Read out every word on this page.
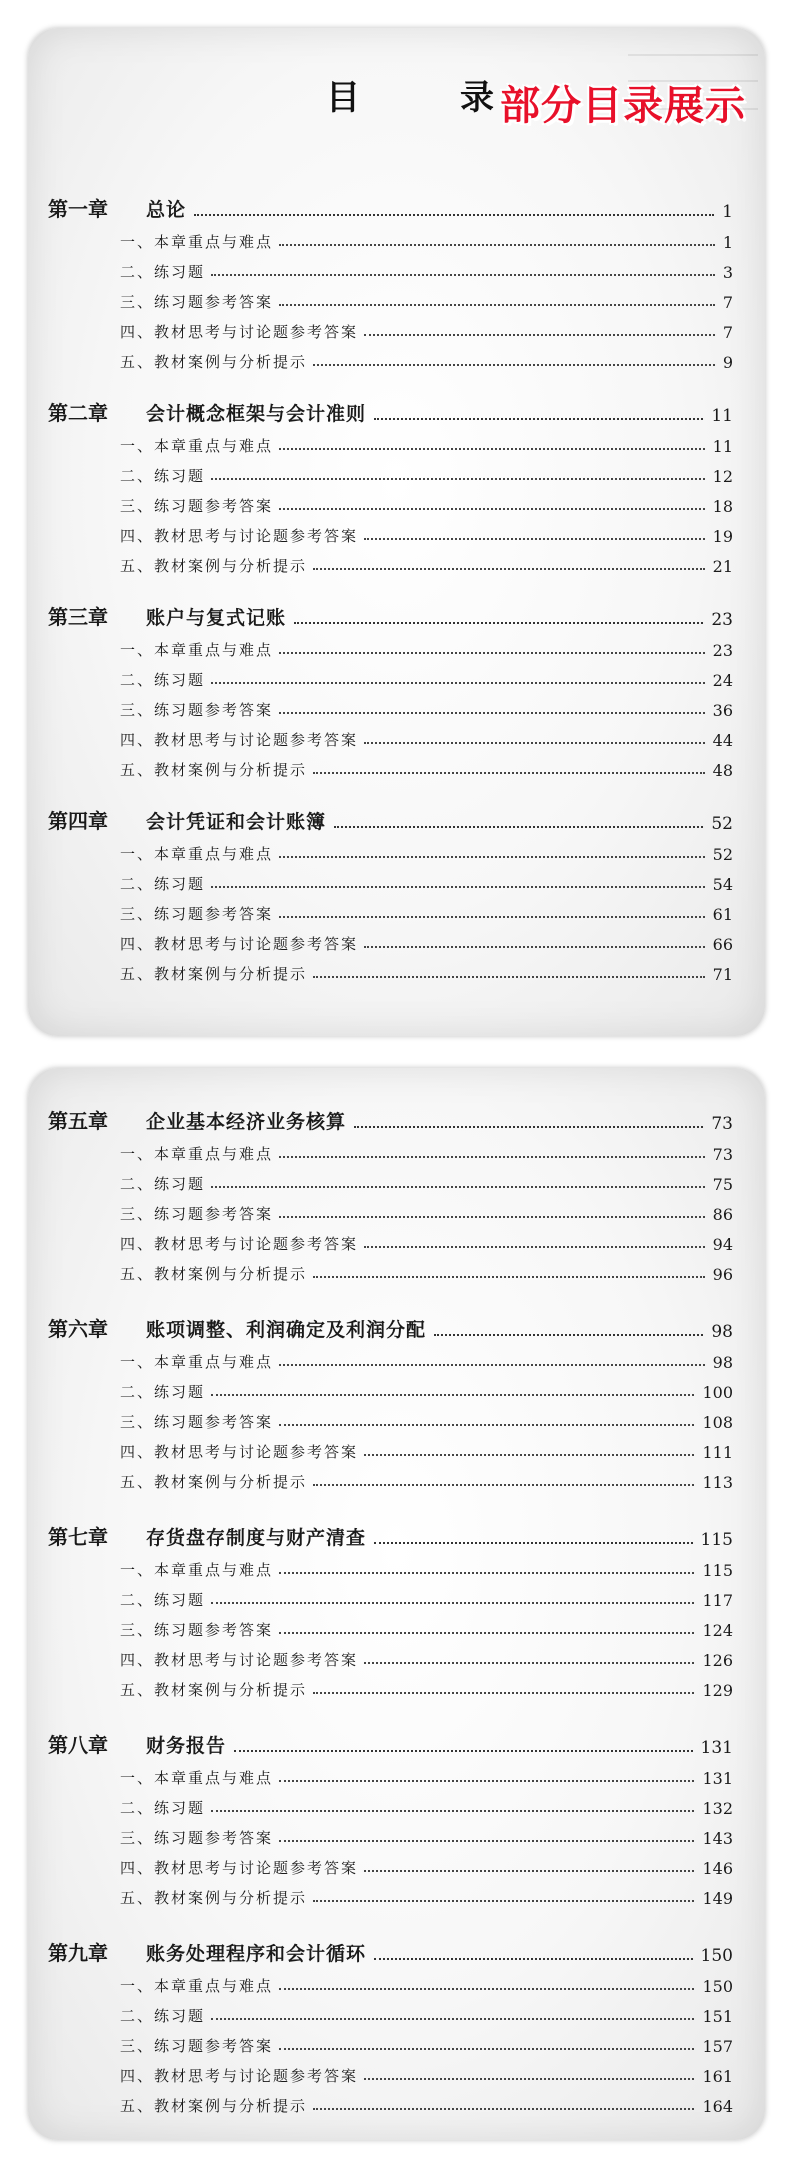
目	录 部分目录展示
第一章	总论	1
一、本章重点与难点	1
二、练习题	3
三、练习题参考答案	7
四、教材思考与讨论题参考答案	7
五、教材案例与分析提示	9
第二章	会计概念框架与会计准则	11
一、本章重点与难点	11
二、练习题	12
三、练习题参考答案	18
四、教材思考与讨论题参考答案	19
五、教材案例与分析提示	21
第三章	账户与复式记账	23
一、本章重点与难点	23
二、练习题	24
三、练习题参考答案	36
四、教材思考与讨论题参考答案	44
五、教材案例与分析提示	48
第四章	会计凭证和会计账簿	52
一、本章重点与难点	52
二、练习题	54
三、练习题参考答案	61
四、教材思考与讨论题参考答案	66
五、教材案例与分析提示	71
第五章	企业基本经济业务核算	73
一、本章重点与难点	73
二、练习题	75
三、练习题参考答案	86
四、教材思考与讨论题参考答案	94
五、教材案例与分析提示	96
第六章	账项调整、利润确定及利润分配	98
一、本章重点与难点	98
二、练习题	100
三、练习题参考答案	108
四、教材思考与讨论题参考答案	111
五、教材案例与分析提示	113
第七章	存货盘存制度与财产清查	115
一、本章重点与难点	115
二、练习题	117
三、练习题参考答案	124
四、教材思考与讨论题参考答案	126
五、教材案例与分析提示	129
第八章	财务报告	131
一、本章重点与难点	131
二、练习题	132
三、练习题参考答案	143
四、教材思考与讨论题参考答案	146
五、教材案例与分析提示	149
第九章	账务处理程序和会计循环	150
一、本章重点与难点	150
二、练习题	151
三、练习题参考答案	157
四、教材思考与讨论题参考答案	161
五、教材案例与分析提示	164
